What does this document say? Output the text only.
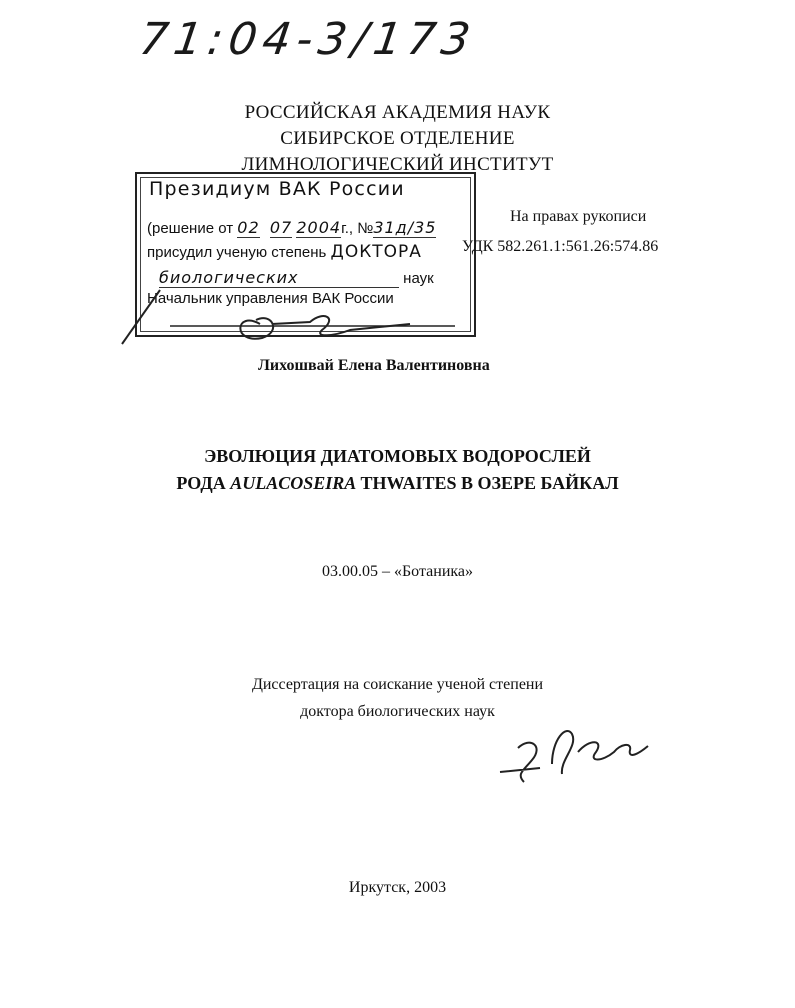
71:04-3/173
РОССИЙСКАЯ АКАДЕМИЯ НАУК
СИБИРСКОЕ ОТДЕЛЕНИЕ
ЛИМНОЛОГИЧЕСКИЙ ИНСТИТУТ
Президиум ВАК России
(решение от 02 07 2004г., №31д/35
присудил ученую степень ДОКТОРА
биологических	наук
Начальник управления ВАК России
На правах рукописи
УДК 582.261.1:561.26:574.86
Лихошвай Елена Валентиновна
ЭВОЛЮЦИЯ ДИАТОМОВЫХ ВОДОРОСЛЕЙ
РОДА AULACOSEIRA THWAITES В ОЗЕРЕ БАЙКАЛ
03.00.05 – «Ботаника»
Диссертация на соискание ученой степени
доктора биологических наук
Иркутск, 2003
